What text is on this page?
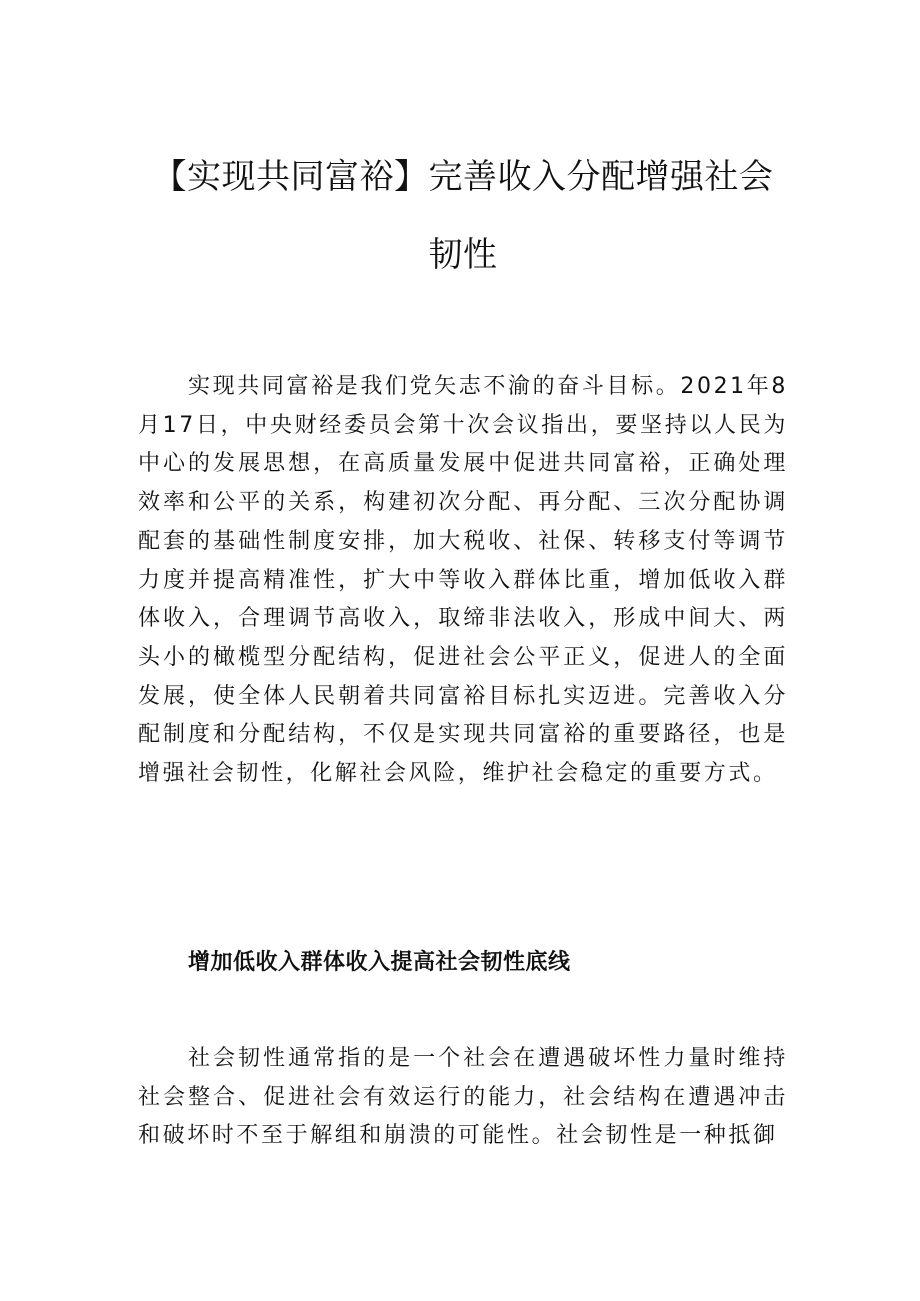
【实现共同富裕】完善收入分配增强社会
韧性

实现共同富裕是我们党矢志不渝的奋斗目标。2021年8月17日，中央财经委员会第十次会议指出，要坚持以人民为中心的发展思想，在高质量发展中促进共同富裕，正确处理效率和公平的关系，构建初次分配、再分配、三次分配协调配套的基础性制度安排，加大税收、社保、转移支付等调节力度并提高精准性，扩大中等收入群体比重，增加低收入群体收入，合理调节高收入，取缔非法收入，形成中间大、两头小的橄榄型分配结构，促进社会公平正义，促进人的全面发展，使全体人民朝着共同富裕目标扎实迈进。完善收入分配制度和分配结构，不仅是实现共同富裕的重要路径，也是增强社会韧性，化解社会风险，维护社会稳定的重要方式。

增加低收入群体收入提高社会韧性底线

社会韧性通常指的是一个社会在遭遇破坏性力量时维持社会整合、促进社会有效运行的能力，社会结构在遭遇冲击和破坏时不至于解组和崩溃的可能性。社会韧性是一种抵御
